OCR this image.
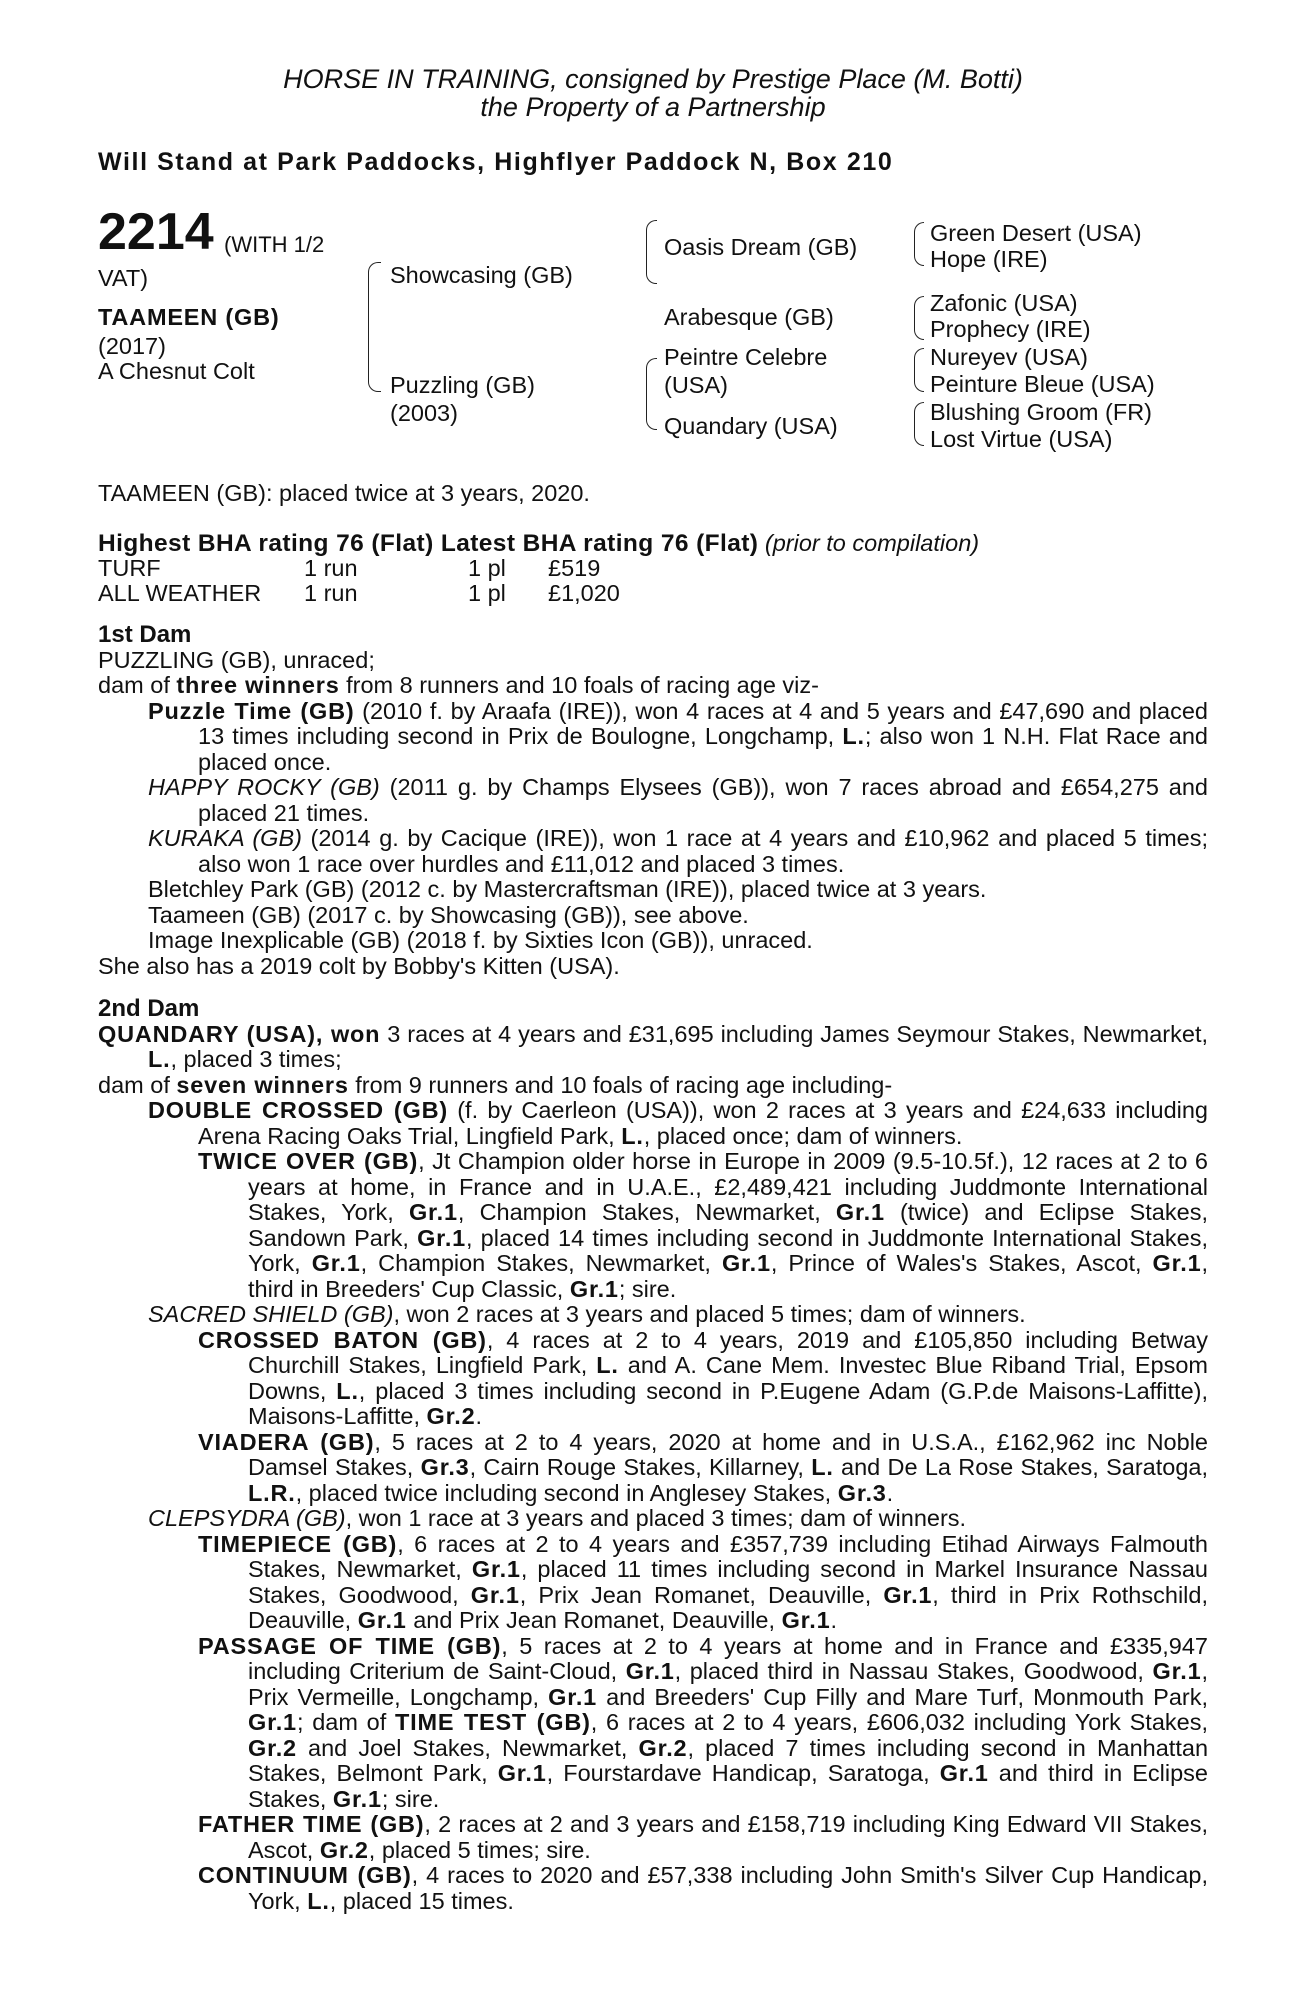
HORSE IN TRAINING, consigned by Prestige Place (M. Botti)
the Property of a Partnership
Will Stand at Park Paddocks, Highflyer Paddock N, Box 210
2214 (WITH 1/2
VAT)
TAAMEEN (GB)
(2017)
A Chesnut Colt
Showcasing (GB)
Puzzling (GB)
(2003)
Oasis Dream (GB)
Arabesque (GB)
Peintre Celebre
(USA)
Quandary (USA)
Green Desert (USA)
Hope (IRE)
Zafonic (USA)
Prophecy (IRE)
Nureyev (USA)
Peinture Bleue (USA)
Blushing Groom (FR)
Lost Virtue (USA)
TAAMEEN (GB): placed twice at 3 years, 2020.
Highest BHA rating 76 (Flat) Latest BHA rating 76 (Flat) (prior to compilation)
TURF	1 run	1 pl	£519
ALL WEATHER	1 run	1 pl	£1,020

1st Dam

PUZZLING (GB), unraced;

dam of three winners from 8 runners and 10 foals of racing age viz-

Puzzle Time (GB) (2010 f. by Araafa (IRE)), won 4 races at 4 and 5 years and £47,690 and placed 13 times including second in Prix de Boulogne, Longchamp, L.; also won 1 N.H. Flat Race and placed once.

HAPPY ROCKY (GB) (2011 g. by Champs Elysees (GB)), won 7 races abroad and £654,275 and placed 21 times.

KURAKA (GB) (2014 g. by Cacique (IRE)), won 1 race at 4 years and £10,962 and placed 5 times; also won 1 race over hurdles and £11,012 and placed 3 times.

Bletchley Park (GB) (2012 c. by Mastercraftsman (IRE)), placed twice at 3 years.

Taameen (GB) (2017 c. by Showcasing (GB)), see above.

Image Inexplicable (GB) (2018 f. by Sixties Icon (GB)), unraced.

She also has a 2019 colt by Bobby's Kitten (USA).

2nd Dam

QUANDARY (USA), won 3 races at 4 years and £31,695 including James Seymour Stakes, Newmarket, L., placed 3 times;

dam of seven winners from 9 runners and 10 foals of racing age including-

DOUBLE CROSSED (GB) (f. by Caerleon (USA)), won 2 races at 3 years and £24,633 including Arena Racing Oaks Trial, Lingfield Park, L., placed once; dam of winners.

TWICE OVER (GB), Jt Champion older horse in Europe in 2009 (9.5-10.5f.), 12 races at 2 to 6 years at home, in France and in U.A.E., £2,489,421 including Juddmonte International Stakes, York, Gr.1, Champion Stakes, Newmarket, Gr.1 (twice) and Eclipse Stakes, Sandown Park, Gr.1, placed 14 times including second in Juddmonte International Stakes, York, Gr.1, Champion Stakes, Newmarket, Gr.1, Prince of Wales's Stakes, Ascot, Gr.1, third in Breeders' Cup Classic, Gr.1; sire.

SACRED SHIELD (GB), won 2 races at 3 years and placed 5 times; dam of winners.

CROSSED BATON (GB), 4 races at 2 to 4 years, 2019 and £105,850 including Betway Churchill Stakes, Lingfield Park, L. and A. Cane Mem. Investec Blue Riband Trial, Epsom Downs, L., placed 3 times including second in P.Eugene Adam (G.P.de Maisons-Laffitte), Maisons-Laffitte, Gr.2.

VIADERA (GB), 5 races at 2 to 4 years, 2020 at home and in U.S.A., £162,962 inc Noble Damsel Stakes, Gr.3, Cairn Rouge Stakes, Killarney, L. and De La Rose Stakes, Saratoga, L.R., placed twice including second in Anglesey Stakes, Gr.3.

CLEPSYDRA (GB), won 1 race at 3 years and placed 3 times; dam of winners.

TIMEPIECE (GB), 6 races at 2 to 4 years and £357,739 including Etihad Airways Falmouth Stakes, Newmarket, Gr.1, placed 11 times including second in Markel Insurance Nassau Stakes, Goodwood, Gr.1, Prix Jean Romanet, Deauville, Gr.1, third in Prix Rothschild, Deauville, Gr.1 and Prix Jean Romanet, Deauville, Gr.1.

PASSAGE OF TIME (GB), 5 races at 2 to 4 years at home and in France and £335,947 including Criterium de Saint-Cloud, Gr.1, placed third in Nassau Stakes, Goodwood, Gr.1, Prix Vermeille, Longchamp, Gr.1 and Breeders' Cup Filly and Mare Turf, Monmouth Park, Gr.1; dam of TIME TEST (GB), 6 races at 2 to 4 years, £606,032 including York Stakes, Gr.2 and Joel Stakes, Newmarket, Gr.2, placed 7 times including second in Manhattan Stakes, Belmont Park, Gr.1, Fourstardave Handicap, Saratoga, Gr.1 and third in Eclipse Stakes, Gr.1; sire.

FATHER TIME (GB), 2 races at 2 and 3 years and £158,719 including King Edward VII Stakes, Ascot, Gr.2, placed 5 times; sire.

CONTINUUM (GB), 4 races to 2020 and £57,338 including John Smith's Silver Cup Handicap, York, L., placed 15 times.
